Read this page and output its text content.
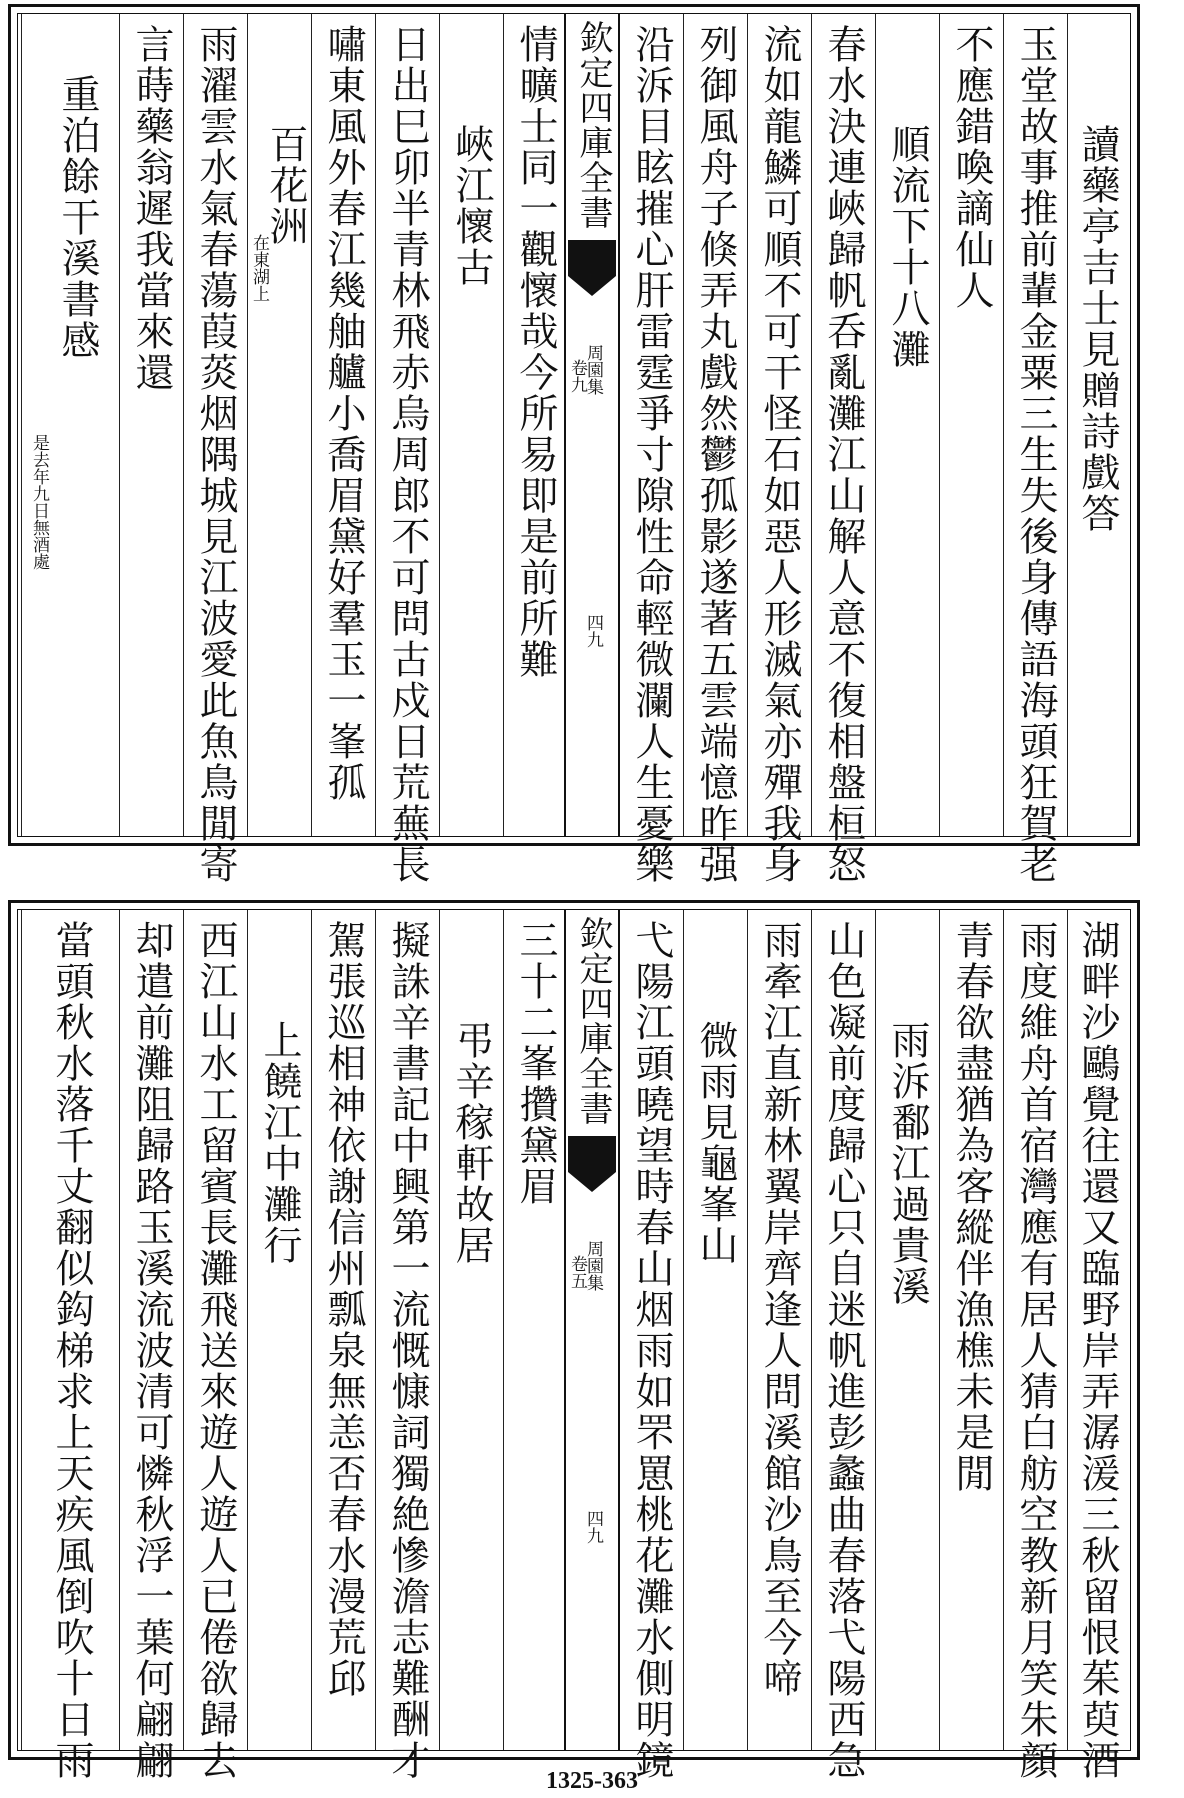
讀藥亭吉士見贈詩戲答
玉堂故事推前輩金粟三生失後身傳語海頭狂賀老
不應錯喚謫仙人
順流下十八灘
春水決連峽歸帆呑亂灘江山解人意不復相盤桓怒
流如龍鱗可順不可干怪石如惡人形滅氣亦殫我身
列御風舟子倏弄丸戲然鬱孤影遂著五雲端憶昨强
沿泝目眩摧心肝雷霆爭寸隙性命輕微瀾人生憂樂
欽定四庫全書
周園集
卷九
四九
情曠士同一觀懷哉今所易即是前所難
峽江懷古
日出巳卯半青林飛赤烏周郎不可問古戍日荒蕪長
嘯東風外春江幾舳艫小喬眉黛好羣玉一峯孤
百花洲
在東湖上
雨濯雲水氣春蕩葭菼烟隅城見江波愛此魚鳥閒寄
言蒔藥翁遲我當來還
重泊餘干溪書感
是去年九日無酒處
湖畔沙鷗覺往還又臨野岸弄潺湲三秋留恨茱萸酒
雨度維舟首宿灣應有居人猜白舫空教新月笑朱顔
青春欲盡猶為客縱伴漁樵未是閒
雨泝鄱江過貴溪
山色凝前度歸心只自迷帆進彭蠡曲春落弋陽西急
雨牽江直新林翼岸齊逢人問溪館沙鳥至今啼
微雨見龜峯山
弋陽江頭曉望時春山烟雨如罘罳桃花灘水側明鏡
欽定四庫全書
周園集
卷五
四九
三十二峯攢黛眉
弔辛稼軒故居
擬誅辛書記中興第一流慨慷詞獨絶慘澹志難酬才
駕張巡相神依謝信州瓢泉無恙否春水漫荒邱
上饒江中灘行
西江山水工留賓長灘飛送來遊人遊人已倦欲歸去
却遣前灘阻歸路玉溪流波清可憐秋浮一葉何翩翩
當頭秋水落千丈翻似鈎梯求上天疾風倒吹十日雨	1325-363
